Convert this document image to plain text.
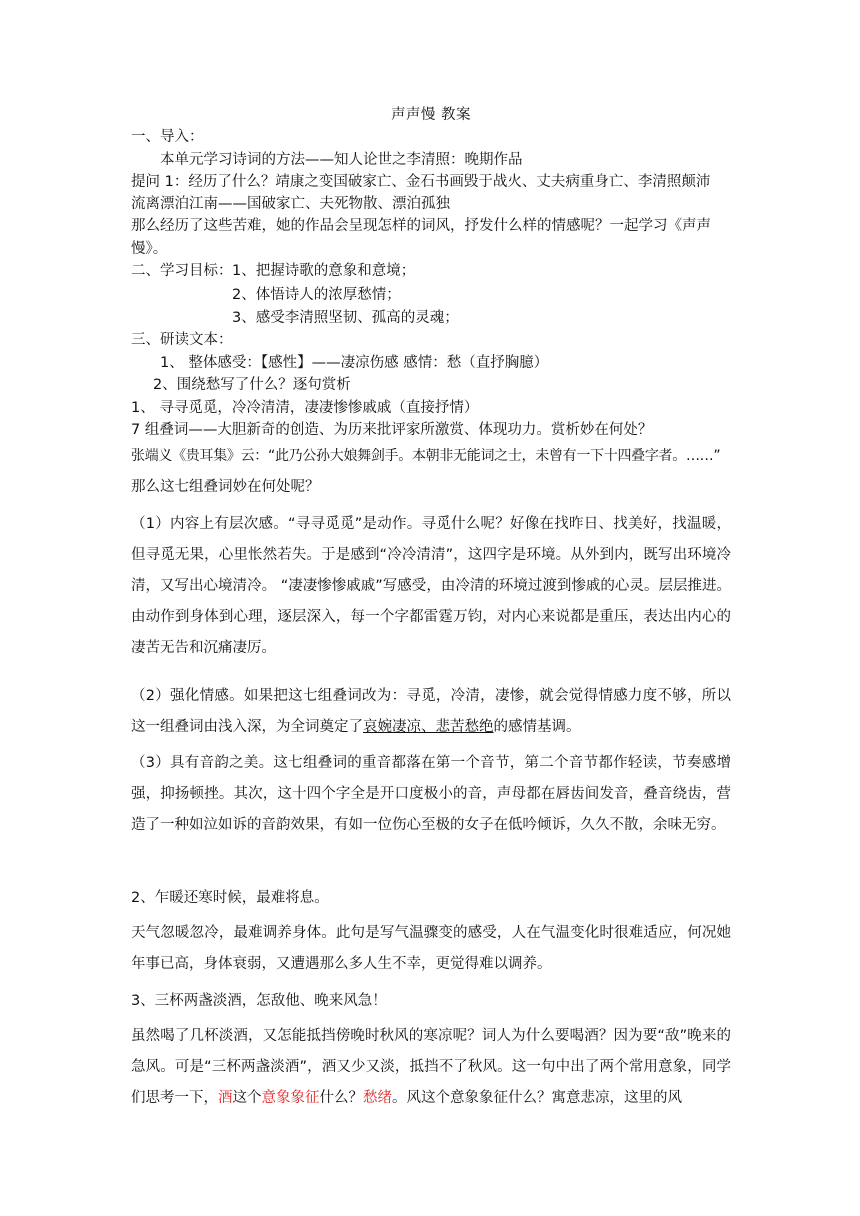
声声慢 教案
一、导入：
本单元学习诗词的方法——知人论世之李清照：晚期作品
提问 1：经历了什么？靖康之变国破家亡、金石书画毁于战火、丈夫病重身亡、李清照颠沛
流离漂泊江南——国破家亡、夫死物散、漂泊孤独
那么经历了这些苦难，她的作品会呈现怎样的词风，抒发什么样的情感呢？一起学习《声声
慢》。
二、学习目标： 1、把握诗歌的意象和意境；
2、体悟诗人的浓厚愁情；
3、感受李清照坚韧、孤高的灵魂；
三、研读文本：
1、 整体感受：【感性】——凄凉伤感 感情：愁（直抒胸臆）
2、围绕愁写了什么？逐句赏析
1、 寻寻觅觅，冷冷清清，凄凄惨惨戚戚（直接抒情）
7 组叠词——大胆新奇的创造、为历来批评家所激赏、体现功力。赏析妙在何处？
张端义《贵耳集》云：“此乃公孙大娘舞剑手。本朝非无能词之士，未曾有一下十四叠字者。……”
那么这七组叠词妙在何处呢？
（1）内容上有层次感。“寻寻觅觅”是动作。寻觅什么呢？好像在找昨日、找美好，找温暖，但寻觅无果，心里怅然若失。于是感到“冷冷清清”，这四字是环境。从外到内，既写出环境冷清，又写出心境清冷。 “凄凄惨惨戚戚”写感受，由冷清的环境过渡到惨戚的心灵。层层推进。由动作到身体到心理，逐层深入，每一个字都雷霆万钧，对内心来说都是重压，表达出内心的凄苦无告和沉痛凄厉。
（2）强化情感。如果把这七组叠词改为：寻觅，冷清，凄惨，就会觉得情感力度不够，所以这一组叠词由浅入深，为全词奠定了哀婉凄凉、悲苦愁绝的感情基调。
（3）具有音韵之美。这七组叠词的重音都落在第一个音节，第二个音节都作轻读，节奏感增强，抑扬顿挫。其次，这十四个字全是开口度极小的音，声母都在唇齿间发音，叠音绕齿，营造了一种如泣如诉的音韵效果，有如一位伤心至极的女子在低吟倾诉，久久不散，余味无穷。
2、乍暖还寒时候，最难将息。
天气忽暖忽冷，最难调养身体。此句是写气温骤变的感受，人在气温变化时很难适应，何况她年事已高，身体衰弱，又遭遇那么多人生不幸，更觉得难以调养。
3、三杯两盏淡酒，怎敌他、晚来风急！
虽然喝了几杯淡酒，又怎能抵挡傍晚时秋风的寒凉呢？词人为什么要喝酒？因为要“敌”晚来的急风。可是“三杯两盏淡酒”，酒又少又淡，抵挡不了秋风。这一句中出了两个常用意象，同学们思考一下，酒这个意象象征什么？愁绪。风这个意象象征什么？寓意悲凉，这里的风
